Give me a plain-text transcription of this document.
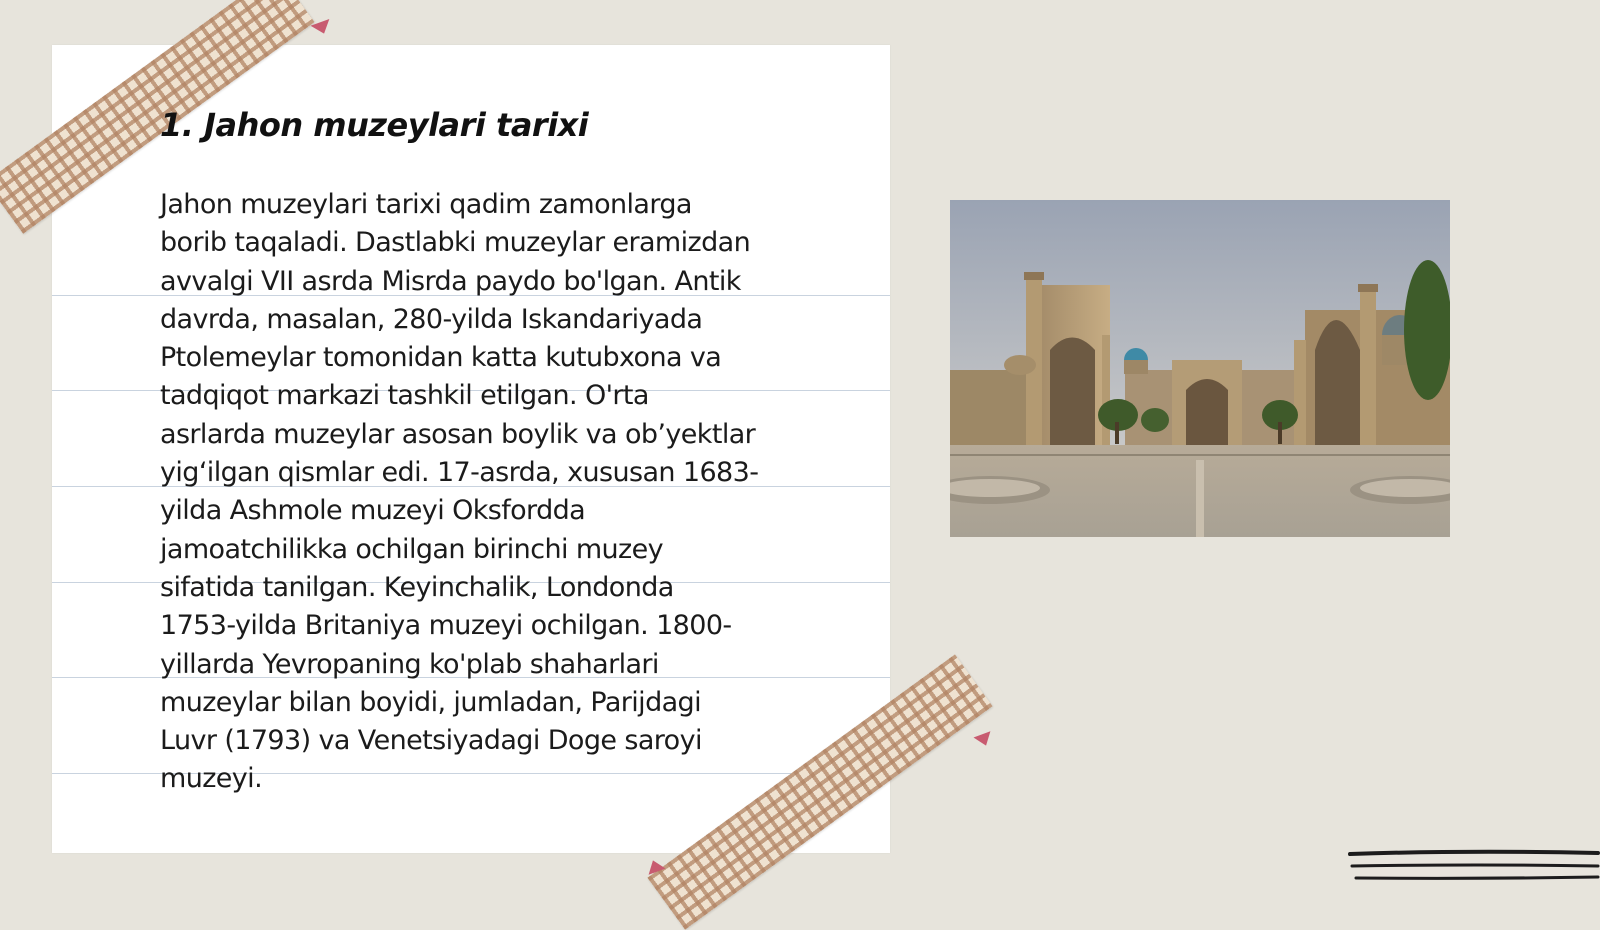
1. Jahon muzeylari tarixi
Jahon muzeylari tarixi qadim zamonlarga
borib taqaladi. Dastlabki muzeylar eramizdan
avvalgi VII asrda Misrda paydo bo'lgan. Antik
davrda, masalan, 280-yilda Iskandariyada
Ptolemeylar tomonidan katta kutubxona va
tadqiqot markazi tashkil etilgan. O'rta
asrlarda muzeylar asosan boylik va ob’yektlar
yig‘ilgan qismlar edi. 17-asrda, xususan 1683-
yilda Ashmole muzeyi Oksfordda
jamoatchilikka ochilgan birinchi muzey
sifatida tanilgan. Keyinchalik, Londonda
1753-yilda Britaniya muzeyi ochilgan. 1800-
yillarda Yevropaning ko'plab shaharlari
muzeylar bilan boyidi, jumladan, Parijdagi
Luvr (1793) va Venetsiyadagi Doge saroyi
muzeyi.
